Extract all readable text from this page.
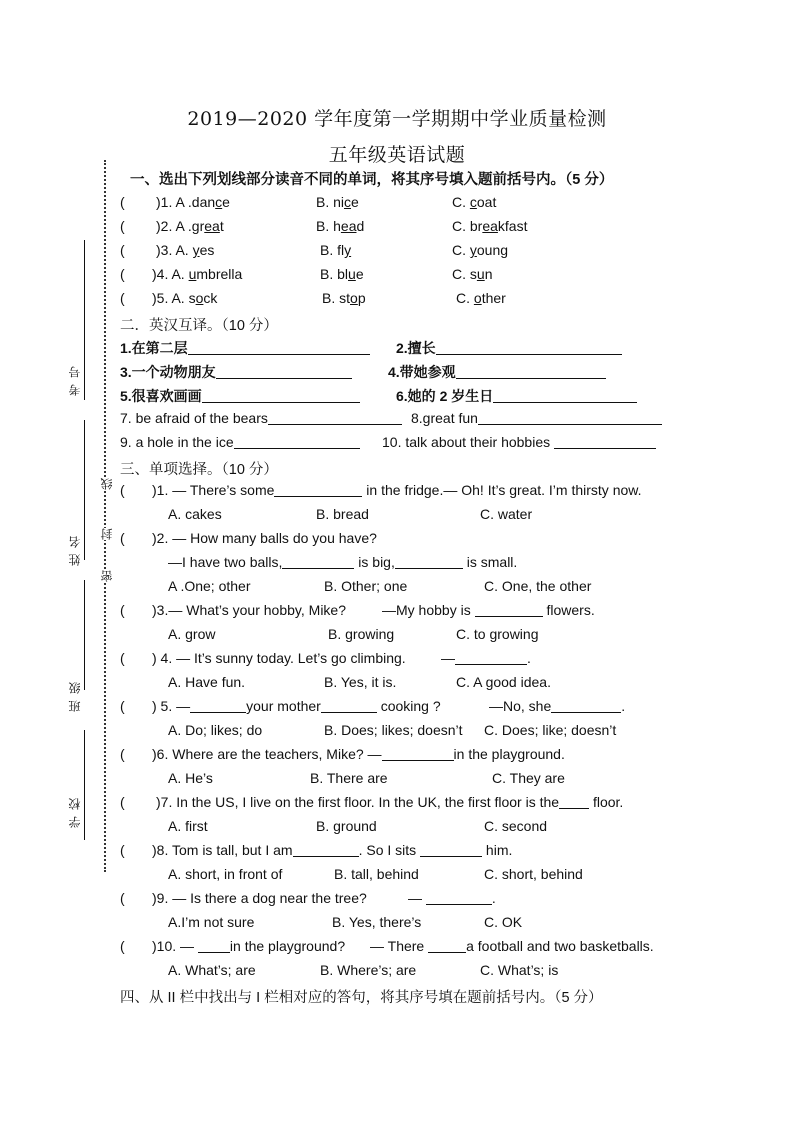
2019—2020 学年度第一学期期中学业质量检测
五年级英语试题
考号
姓名
班级
学校
线
封
密
一、选出下列划线部分读音不同的单词，将其序号填入题前括号内。（5 分）
( )1. A .dance	B. nice	C. coat
( )2. A .great	B. head	C. breakfast
( )3. A. yes	B. fly	C. young
( )4. A. umbrella	B. blue	C. sun
( )5. A. sock	B. stop	C. other
二．英汉互译。（10 分）
1.在第二层	2.擅长
3.一个动物朋友	4.带她参观
5.很喜欢画画	6.她的 2 岁生日
7. be afraid of the bears	8.great fun
9. a hole in the ice	10. talk about their hobbies
三、单项选择。（10 分）
( )1. — There’s some	in the fridge.— Oh! It’s great. I’m thirsty now.
A. cakes	B. bread	C. water
( )2. — How many balls do you have?
—I have two balls,	is big,	is small.
A .One; other	B. Other; one	C. One, the other
( )3.— What’s your hobby, Mike?	—My hobby is	flowers.
A. grow	B. growing	C. to growing
( ) 4. — It’s sunny today. Let’s go climbing.	—	.
A. Have fun.	B. Yes, it is.	C. A good idea.
( ) 5. —	your mother	cooking ?	—No, she	.
A. Do; likes; do	B. Does; likes; doesn’t C. Does; like; doesn’t
( )6. Where are the teachers, Mike? —	in the playground.
A. He’s	B. There are	C. They are
( )7. In the US, I live on the first floor. In the UK, the first floor is the floor.
A. first	B. ground	C. second
( )8. Tom is tall, but I am	. So I sits	him.
A. short, in front of	B. tall, behind	C. short, behind
( )9. — Is there a dog near the tree?	—	.
A.I’m not sure	B. Yes, there’s	C. OK
( )10. —	in the playground? — There	a football and two basketballs.
A. What’s; are	B. Where’s; are	C. What’s; is
四、从 II 栏中找出与 I 栏相对应的答句，将其序号填在题前括号内。（5 分）
